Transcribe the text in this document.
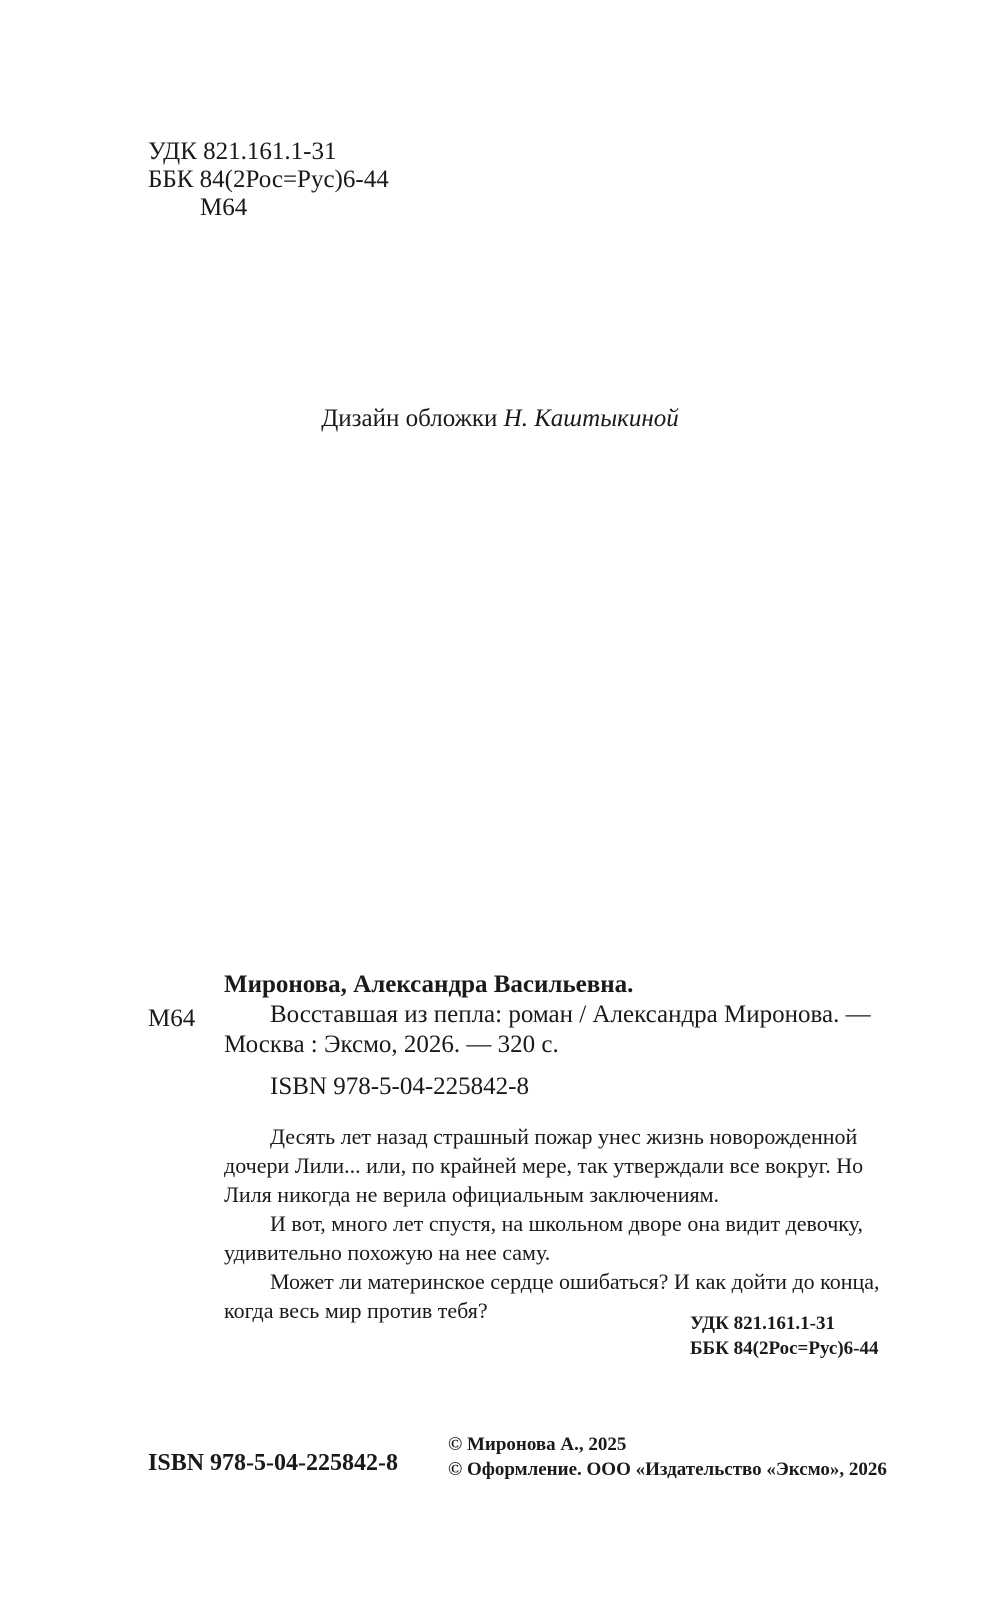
УДК 821.161.1-31
ББК 84(2Рос=Рус)6-44
М64
Дизайн обложки Н. Каштыкиной
М64
Миронова, Александра Васильевна.
Восставшая из пепла: роман / Александра Миронова. — Москва : Эксмо, 2026. — 320 с.
ISBN 978-5-04-225842-8

Десять лет назад страшный пожар унес жизнь новорожденной дочери Лили... или, по крайней мере, так утверждали все вокруг. Но Лиля никогда не верила официальным заключениям.

И вот, много лет спустя, на школьном дворе она видит девочку, удивительно похожую на нее саму.

Может ли материнское сердце ошибаться? И как дойти до конца, когда весь мир против тебя?

УДК 821.161.1-31
ББК 84(2Рос=Рус)6-44
ISBN 978-5-04-225842-8
© Миронова А., 2025
© Оформление. ООО «Издательство «Эксмо», 2026
